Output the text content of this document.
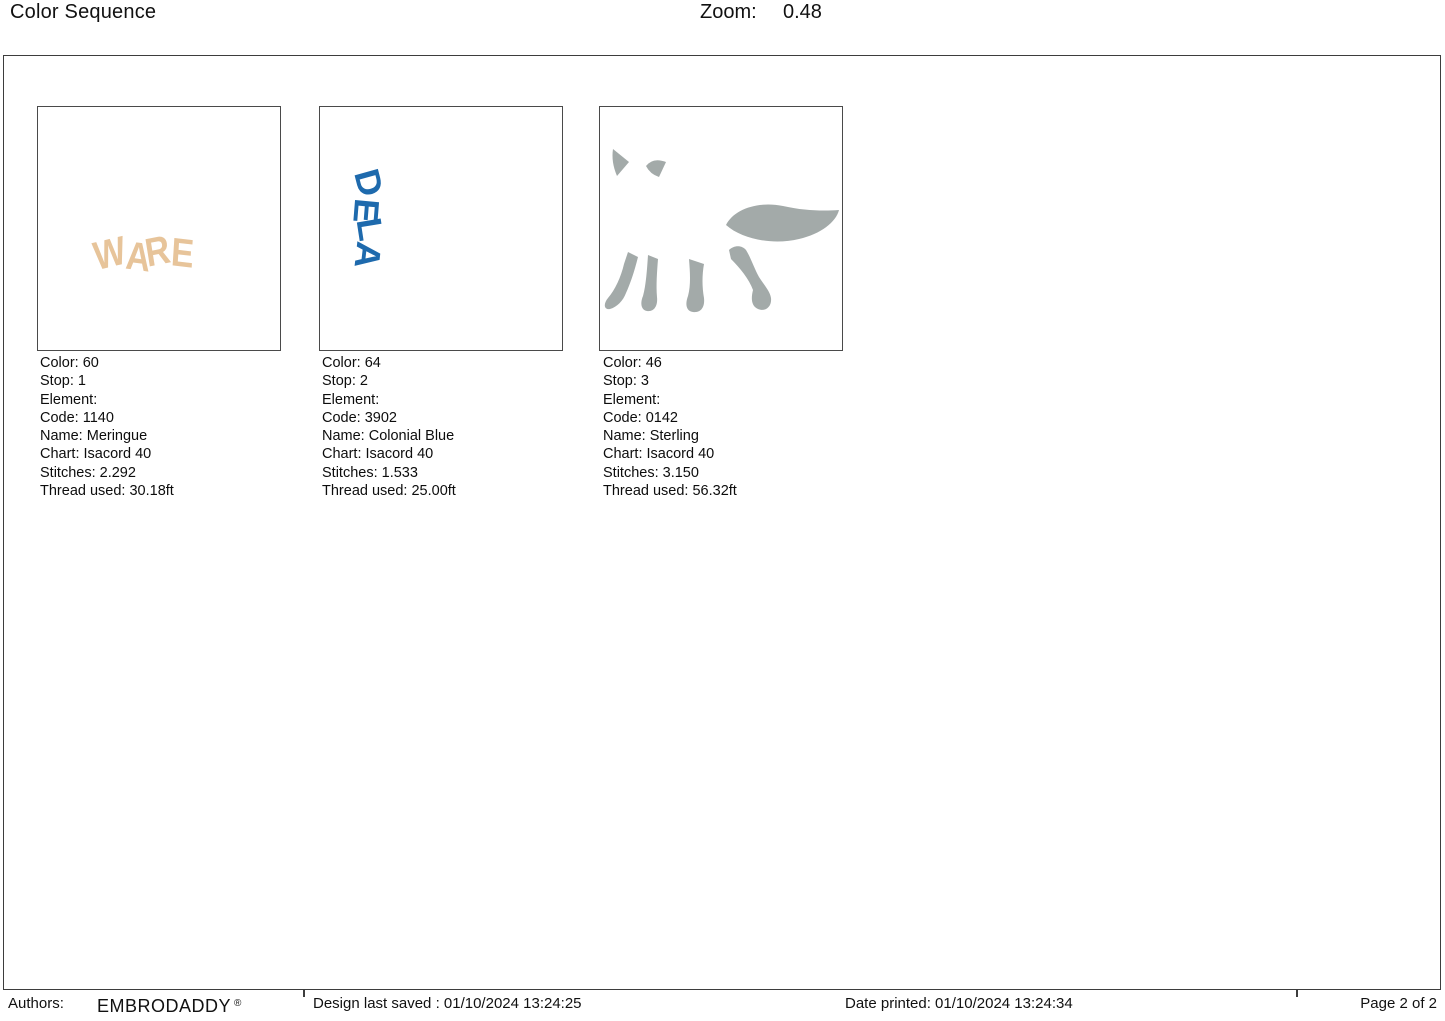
Color Sequence	Zoom: 0.48
WARE
DELA
Color: 60
Stop: 1
Element:
Code: 1140
Name: Meringue
Chart: Isacord 40
Stitches: 2.292
Thread used: 30.18ft
Color: 64
Stop: 2
Element:
Code: 3902
Name: Colonial Blue
Chart: Isacord 40
Stitches: 1.533
Thread used: 25.00ft
Color: 46
Stop: 3
Element:
Code: 0142
Name: Sterling
Chart: Isacord 40
Stitches: 3.150
Thread used: 56.32ft
Authors: EMBRODADDY ®	Design last saved : 01/10/2024 13:24:25	Date printed: 01/10/2024 13:24:34	Page 2 of 2
